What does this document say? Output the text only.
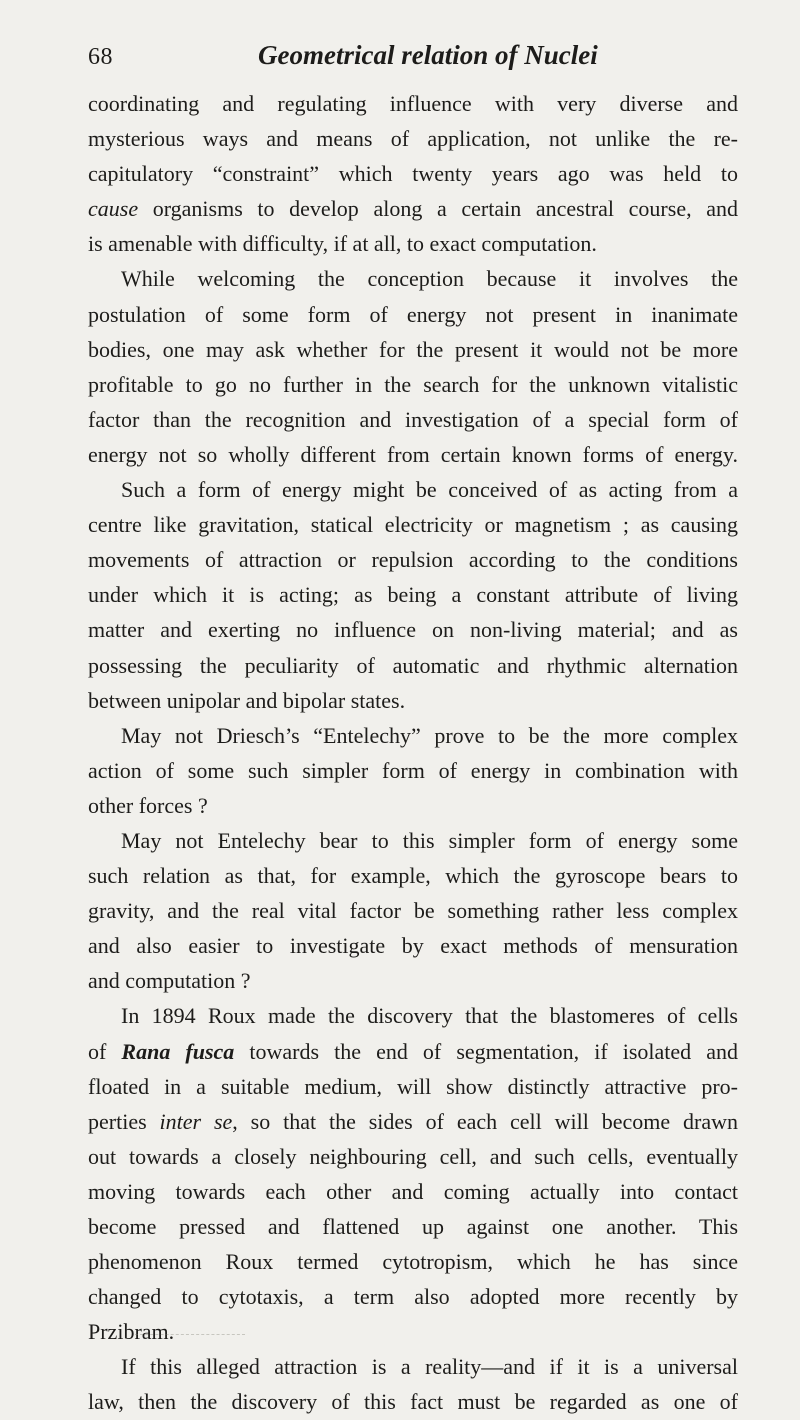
68	Geometrical relation of Nuclei
coordinating and regulating influence with very diverse and
mysterious ways and means of application, not unlike the re-
capitulatory “constraint” which twenty years ago was held to
cause organisms to develop along a certain ancestral course, and
is amenable with difficulty, if at all, to exact computation.
While welcoming the conception because it involves the
postulation of some form of energy not present in inanimate
bodies, one may ask whether for the present it would not be more
profitable to go no further in the search for the unknown vitalistic
factor than the recognition and investigation of a special form of
energy not so wholly different from certain known forms of energy.
Such a form of energy might be conceived of as acting from a
centre like gravitation, statical electricity or magnetism ; as causing
movements of attraction or repulsion according to the conditions
under which it is acting; as being a constant attribute of living
matter and exerting no influence on non-living material; and as
possessing the peculiarity of automatic and rhythmic alternation
between unipolar and bipolar states.
May not Driesch’s “Entelechy” prove to be the more complex
action of some such simpler form of energy in combination with
other forces ?
May not Entelechy bear to this simpler form of energy some
such relation as that, for example, which the gyroscope bears to
gravity, and the real vital factor be something rather less complex
and also easier to investigate by exact methods of mensuration
and computation ?
In 1894 Roux made the discovery that the blastomeres of cells
of Rana fusca towards the end of segmentation, if isolated and
floated in a suitable medium, will show distinctly attractive pro-
perties inter se, so that the sides of each cell will become drawn
out towards a closely neighbouring cell, and such cells, eventually
moving towards each other and coming actually into contact
become pressed and flattened up against one another. This
phenomenon Roux termed cytotropism, which he has since
changed to cytotaxis, a term also adopted more recently by
Przibram.
If this alleged attraction is a reality—and if it is a universal
law, then the discovery of this fact must be regarded as one of
